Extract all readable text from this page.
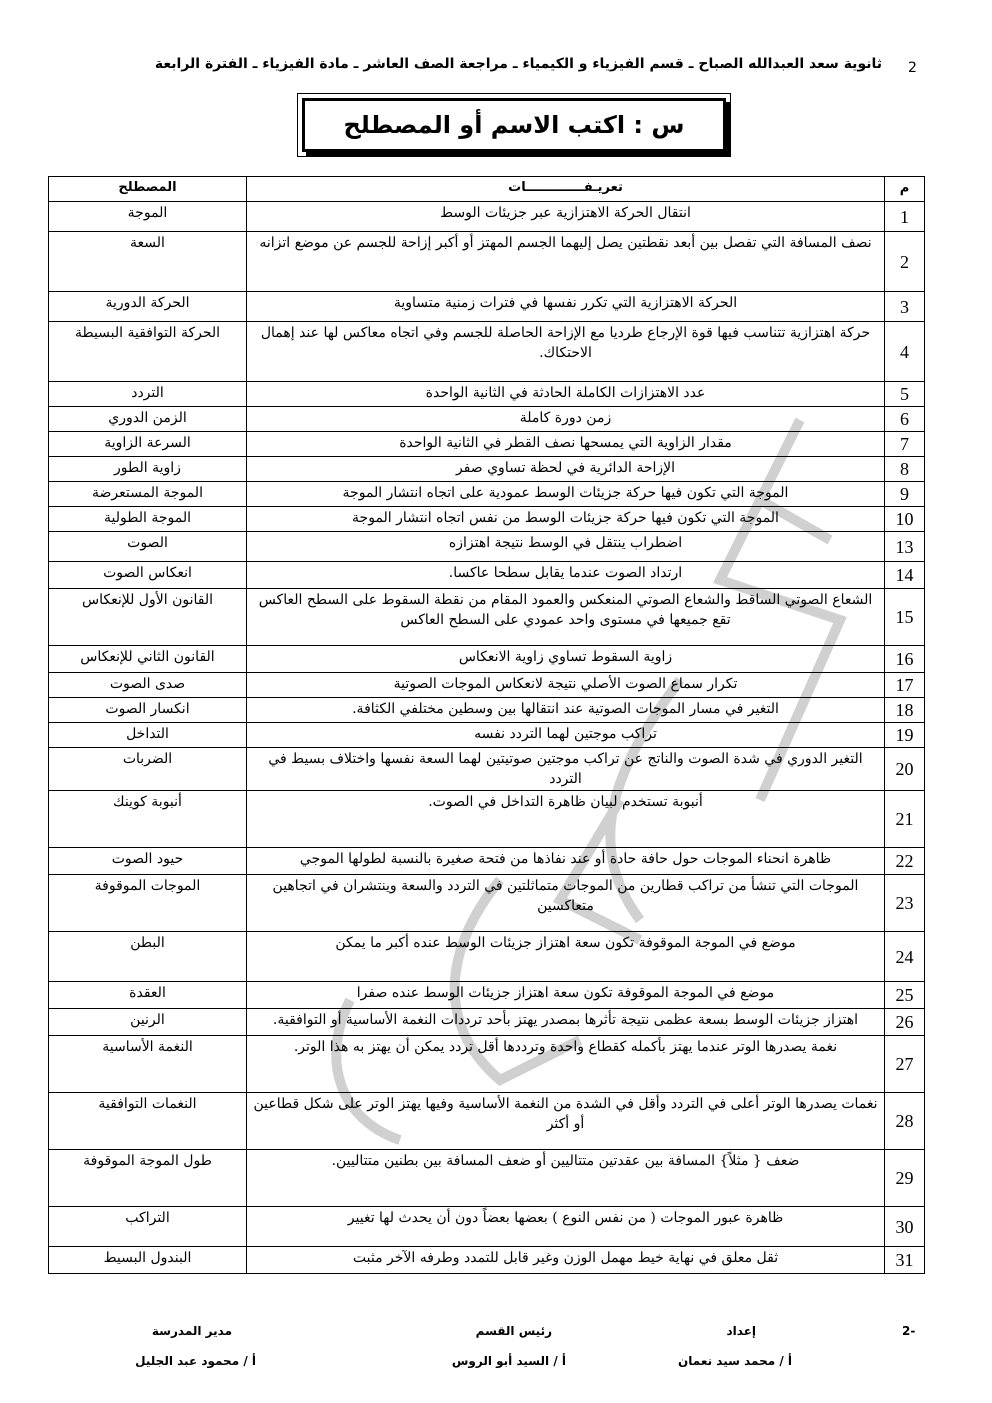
2
ثانوية سعد العبدالله الصباح ـ قسم الفيزياء و الكيمياء ـ مراجعة الصف العاشر ـ مادة الفيزياء ـ الفترة الرابعة
س : اكتب الاسم أو المصطلح
م	تعريـفـــــــــــــات	المصطلح
1	انتقال الحركة الاهتزازية عبر جزيئات الوسط	الموجة
2	نصف المسافة التي تفصل بين أبعد نقطتين يصل إليهما الجسم المهتز أو أكبر إزاحة للجسم عن موضع اتزانه	السعة
3	الحركة الاهتزازية التي تكرر نفسها في فترات زمنية متساوية	الحركة الدورية
4	حركة اهتزازية تتناسب فيها قوة الإرجاع طرديا مع الإزاحة الحاصلة للجسم وفي اتجاه معاكس لها عند إهمال الاحتكاك.	الحركة التوافقية البسيطة
5	عدد الاهتزازات الكاملة الحادثة في الثانية الواحدة	التردد
6	زمن دورة كاملة	الزمن الدوري
7	مقدار الزاوية التي يمسحها نصف القطر في الثانية الواحدة	السرعة الزاوية
8	الإزاحة الدائرية في لحظة تساوي صفر	زاوية الطور
9	الموجة التي تكون فيها حركة جزيئات الوسط عمودية على اتجاه انتشار الموجة	الموجة المستعرضة
10	الموجة التي تكون فيها حركة جزيئات الوسط من نفس اتجاه انتشار الموجة	الموجة الطولية
13	اضطراب ينتقل في الوسط نتيجة اهتزازه	الصوت
14	ارتداد الصوت عندما يقابل سطحا عاكسا.	انعكاس الصوت
15	الشعاع الصوتي الساقط والشعاع الصوتي المنعكس والعمود المقام من نقطة السقوط على السطح العاكس تقع جميعها في مستوى واحد عمودي على السطح العاكس	القانون الأول للإنعكاس
16	زاوية السقوط تساوي زاوية الانعكاس	القانون الثاني للإنعكاس
17	تكرار سماع الصوت الأصلي نتيجة لانعكاس الموجات الصوتية	صدى الصوت
18	التغير في مسار الموجات الصوتية عند انتقالها بين وسطين مختلفي الكثافة.	انكسار الصوت
19	تراكب موجتين لهما التردد نفسه	التداخل
20	التغير الدوري في شدة الصوت والناتج عن تراكب موجتين صوتيتين لهما السعة نفسها واختلاف بسيط في التردد	الضربات
21	أنبوبة تستخدم لبيان ظاهرة التداخل في الصوت.	أنبوبة كوينك
22	ظاهرة انحناء الموجات حول حافة حادة أو عند نفاذها من فتحة صغيرة بالنسبة لطولها الموجي	حيود الصوت
23	الموجات التي تنشأ من تراكب قطارين من الموجات متماثلتين في التردد والسعة وينتشران في اتجاهين متعاكسين	الموجات الموقوفة
24	موضع في الموجة الموقوفة تكون سعة اهتزاز جزيئات الوسط عنده أكبر ما يمكن	البطن
25	موضع في الموجة الموقوفة تكون سعة اهتزاز جزيئات الوسط عنده صفرا	العقدة
26	اهتزاز جزيئات الوسط بسعة عظمى نتيجة تأثرها بمصدر يهتز بأحد ترددات النغمة الأساسية أو التوافقية.	الرنين
27	نغمة يصدرها الوتر عندما يهتز بأكمله كقطاع واحدة وترددها أقل تردد يمكن أن يهتز به هذا الوتر.	النغمة الأساسية
28	نغمات يصدرها الوتر أعلى في التردد وأقل في الشدة من النغمة الأساسية وفيها يهتز الوتر على شكل قطاعين أو أكثر	النغمات التوافقية
29	ضعف { مثلاً} المسافة بين عقدتين متتاليين أو ضعف المسافة بين بطنين متتاليين.	طول الموجة الموقوفة
30	ظاهرة عبور الموجات ( من نفس النوع ) بعضها بعضاً دون أن يحدث لها تغيير	التراكب
31	ثقل معلق في نهاية خيط مهمل الوزن وغير قابل للتمدد وطرفه الآخر مثبت	البندول البسيط
2-
إعداد
أ / محمد سيد نعمان
رئيس القسم
أ / السيد أبو الروس
مدير المدرسة
أ / محمود عبد الجليل
